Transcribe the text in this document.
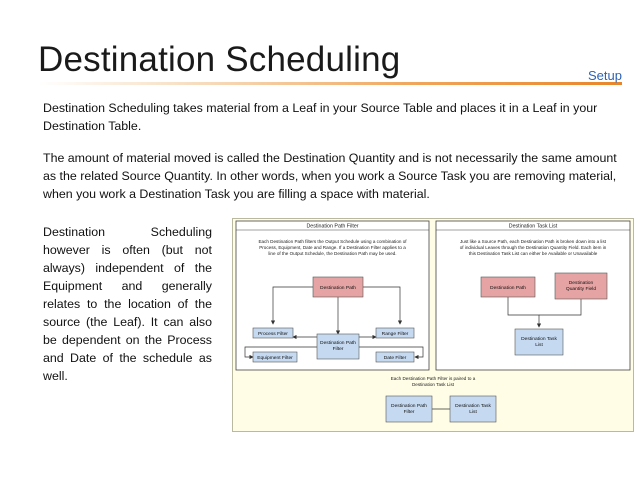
Destination Scheduling	Setup
Destination Scheduling takes material from a Leaf in your Source Table and places it in a Leaf in your Destination Table.
The amount of material moved is called the Destination Quantity and is not necessarily the same amount as the related Source Quantity. In other words, when you work a Source Task you are removing material, when you work a Destination Task you are filling a space with material.
Destination Scheduling however is often (but not always) independent of the Equipment and generally relates to the location of the source (the Leaf). It can also be dependent on the Process and Date of the schedule as well.
Destination Path Filter
Each Destination Path filters the Output Schedule using a combination of
Process, Equipment, Date and Range. If a Destination Filter applies to a
line of the Output Schedule, the Destination Path may be used.
Destination Task List
Just like a Source Path, each Destination Path is broken down into a list
of individual Leaves through the Destination Quantity Field. Each item in
this Destination Task List can either be Available or Unavailable
Destination Path
Process Filter	Range Filter
Destination Path
Filter
Equipment Filter	Date Filter
Destination Path
Destination
Quantity Field
Destination Task
List
Each Destination Path Filter is paired to a
Destination Task List
Destination Path
Filter
Destination Task
List
